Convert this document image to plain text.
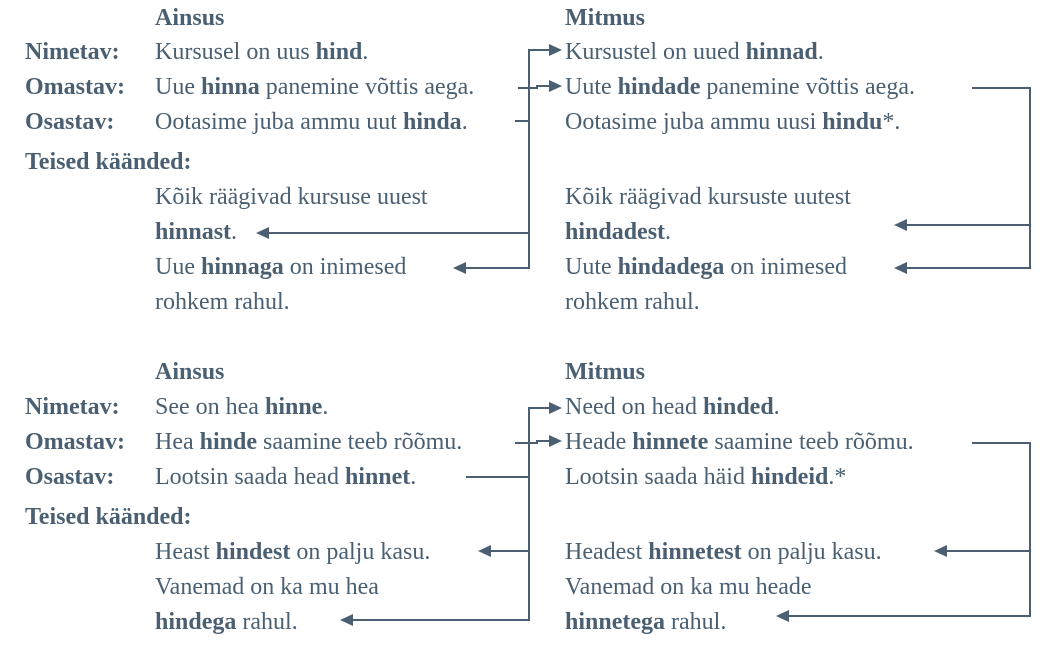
Ainsus	Mitmus
Nimetav:
Omastav:
Osastav:
Teised käänded:
Kursusel on uus hind.
Uue hinna panemine võttis aega.
Ootasime juba ammu uut hinda.
Kõik räägivad kursuse uuest
hinnast.
Uue hinnaga on inimesed
rohkem rahul.
Kursustel on uued hinnad.
Uute hindade panemine võttis aega.
Ootasime juba ammu uusi hindu*.
Kõik räägivad kursuste uutest
hindadest.
Uute hindadega on inimesed
rohkem rahul.
Ainsus	Mitmus
Nimetav:
Omastav:
Osastav:
Teised käänded:
See on hea hinne.
Hea hinde saamine teeb rõõmu.
Lootsin saada head hinnet.
Heast hindest on palju kasu.
Vanemad on ka mu hea
hindega rahul.
Need on head hinded.
Heade hinnete saamine teeb rõõmu.
Lootsin saada häid hindeid.*
Headest hinnetest on palju kasu.
Vanemad on ka mu heade
hinnetega rahul.
